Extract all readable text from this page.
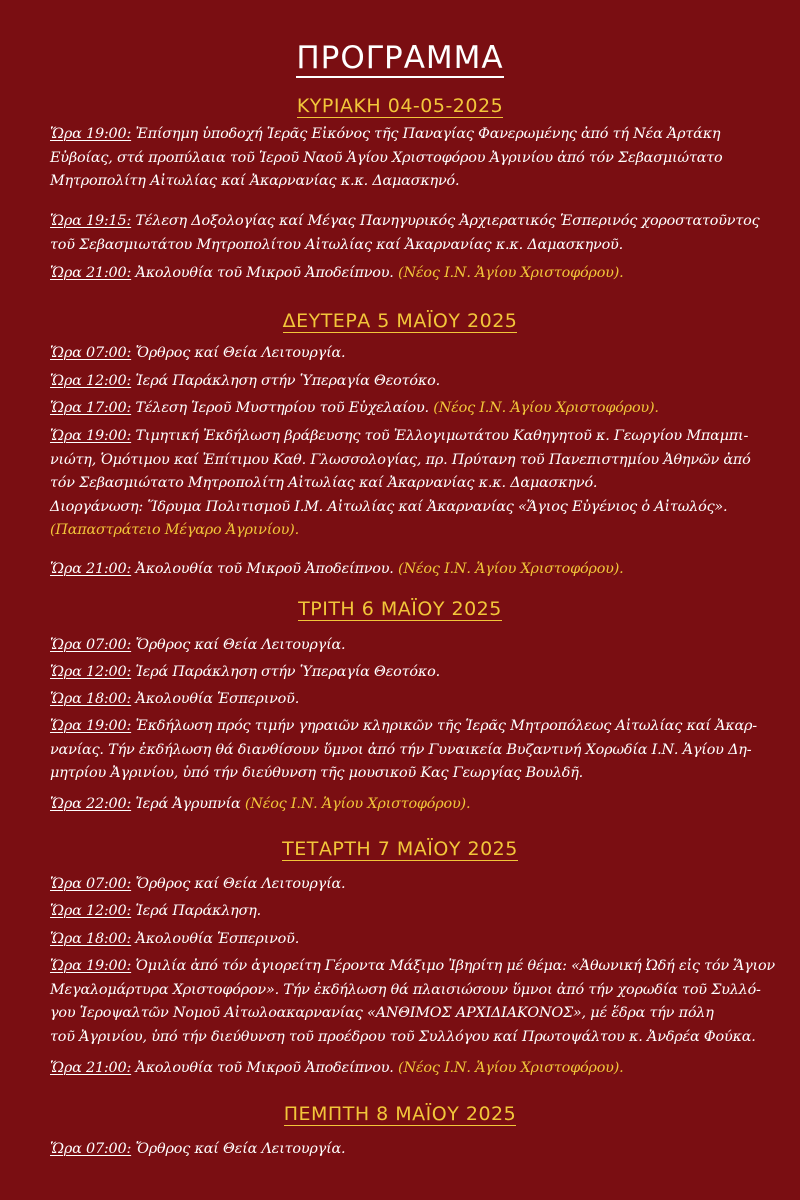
ΠΡΟΓΡΑΜΜΑ
ΚΥΡΙΑΚΗ 04-05-2025
Ὥρα 19:00: Ἐπίσημη ὑποδοχή Ἱερᾶς Εἰκόνος τῆς Παναγίας Φανερωμένης ἀπό τή Νέα Ἀρτάκη
Εὐβοίας, στά προπύλαια τοῦ Ἱεροῦ Ναοῦ Ἁγίου Χριστοφόρου Ἀγρινίου ἀπό τόν Σεβασμιώτατο
Μητροπολίτη Αἰτωλίας καί Ἀκαρνανίας κ.κ. Δαμασκηνό.
Ὥρα 19:15: Τέλεση Δοξολογίας καί Μέγας Πανηγυρικός Ἀρχιερατικός Ἑσπερινός χοροστατοῦντος
τοῦ Σεβασμιωτάτου Μητροπολίτου Αἰτωλίας καί Ἀκαρνανίας κ.κ. Δαμασκηνοῦ.
Ὥρα 21:00: Ἀκολουθία τοῦ Μικροῦ Ἀποδείπνου. (Νέος Ι.Ν. Ἁγίου Χριστοφόρου).
ΔΕΥΤΕΡΑ 5 ΜΑΪΟΥ 2025
Ὥρα 07:00: Ὄρθρος καί Θεία Λειτουργία.
Ὥρα 12:00: Ἱερά Παράκληση στήν Ὑπεραγία Θεοτόκο.
Ὥρα 17:00: Τέλεση Ἱεροῦ Μυστηρίου τοῦ Εὐχελαίου. (Νέος Ι.Ν. Ἁγίου Χριστοφόρου).
Ὥρα 19:00: Τιμητική Ἐκδήλωση βράβευσης τοῦ Ἐλλογιμωτάτου Καθηγητοῦ κ. Γεωργίου Μπαμπι-
νιώτη, Ὁμότιμου καί Ἐπίτιμου Καθ. Γλωσσολογίας, πρ. Πρύτανη τοῦ Πανεπιστημίου Ἀθηνῶν ἀπό
τόν Σεβασμιώτατο Μητροπολίτη Αἰτωλίας καί Ἀκαρνανίας κ.κ. Δαμασκηνό.
Διοργάνωση: Ἵδρυμα Πολιτισμοῦ Ι.Μ. Αἰτωλίας καί Ἀκαρνανίας «Ἅγιος Εὐγένιος ὁ Αἰτωλός».
(Παπαστράτειο Μέγαρο Ἀγρινίου).
Ὥρα 21:00: Ἀκολουθία τοῦ Μικροῦ Ἀποδείπνου. (Νέος Ι.Ν. Ἁγίου Χριστοφόρου).
ΤΡΙΤΗ 6 ΜΑΪΟΥ 2025
Ὥρα 07:00: Ὄρθρος καί Θεία Λειτουργία.
Ὥρα 12:00: Ἱερά Παράκληση στήν Ὑπεραγία Θεοτόκο.
Ὥρα 18:00: Ἀκολουθία Ἑσπερινοῦ.
Ὥρα 19:00: Ἐκδήλωση πρός τιμήν γηραιῶν κληρικῶν τῆς Ἱερᾶς Μητροπόλεως Αἰτωλίας καί Ἀκαρ-
νανίας. Τήν ἐκδήλωση θά διανθίσουν ὕμνοι ἀπό τήν Γυναικεία Βυζαντινή Χορωδία Ι.Ν. Ἁγίου Δη-
μητρίου Ἀγρινίου, ὑπό τήν διεύθυνση τῆς μουσικοῦ Κας Γεωργίας Βουλδῆ.
Ὥρα 22:00: Ἱερά Ἀγρυπνία (Νέος Ι.Ν. Ἁγίου Χριστοφόρου).
ΤΕΤΑΡΤΗ 7 ΜΑΪΟΥ 2025
Ὥρα 07:00: Ὄρθρος καί Θεία Λειτουργία.
Ὥρα 12:00: Ἱερά Παράκληση.
Ὥρα 18:00: Ἀκολουθία Ἑσπερινοῦ.
Ὥρα 19:00: Ὁμιλία ἀπό τόν ἁγιορείτη Γέροντα Μάξιμο Ἰβηρίτη μέ θέμα: «Ἀθωνική Ὠδή εἰς τόν Ἅγιον
Μεγαλομάρτυρα Χριστοφόρον». Τήν ἐκδήλωση θά πλαισιώσουν ὕμνοι ἀπό τήν χορωδία τοῦ Συλλό-
γου Ἱεροψαλτῶν Νομοῦ Αἰτωλοακαρνανίας «ΑΝΘΙΜΟΣ ΑΡΧΙΔΙΑΚΟΝΟΣ», μέ ἕδρα τήν πόλη
τοῦ Ἀγρινίου, ὑπό τήν διεύθυνση τοῦ προέδρου τοῦ Συλλόγου καί Πρωτοψάλτου κ. Ἀνδρέα Φούκα.
Ὥρα 21:00: Ἀκολουθία τοῦ Μικροῦ Ἀποδείπνου. (Νέος Ι.Ν. Ἁγίου Χριστοφόρου).
ΠΕΜΠΤΗ 8 ΜΑΪΟΥ 2025
Ὥρα 07:00: Ὄρθρος καί Θεία Λειτουργία.
